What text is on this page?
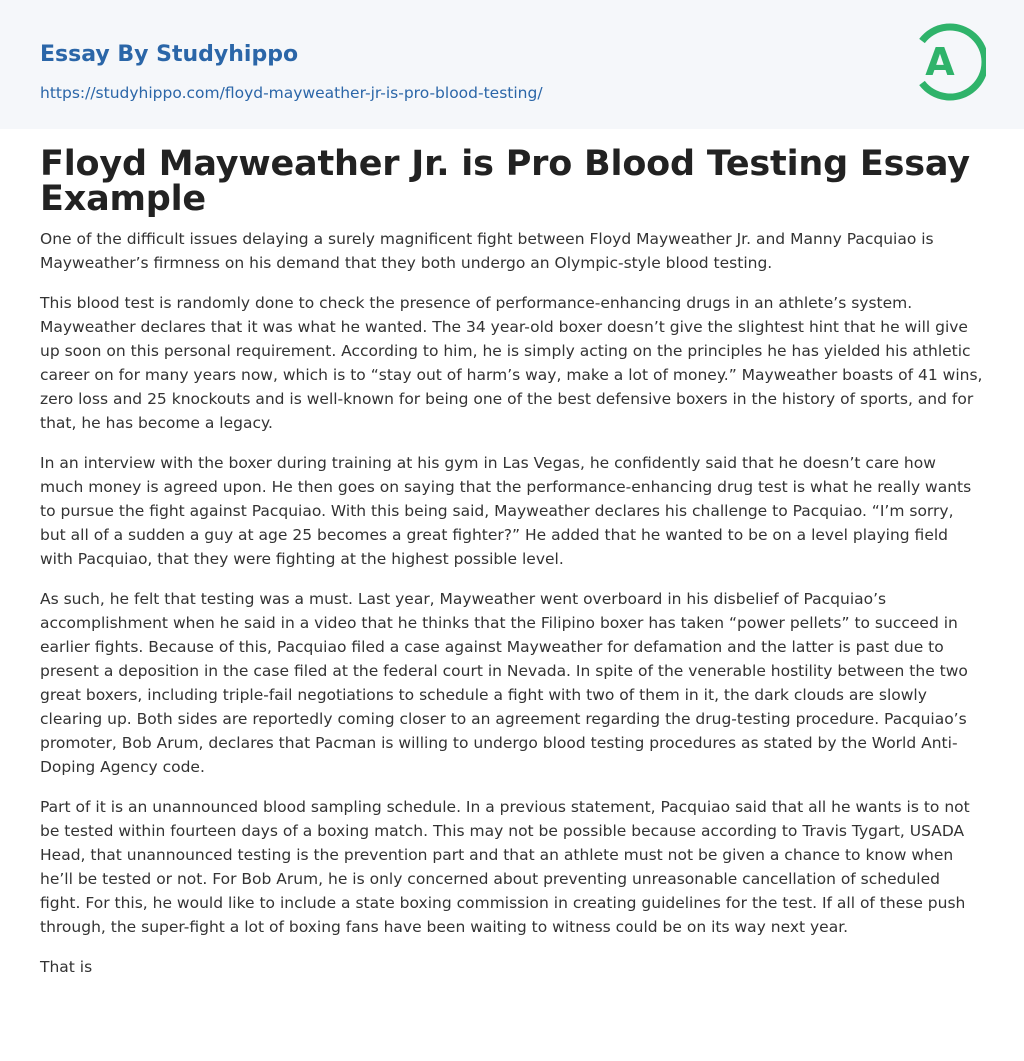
Essay By Studyhippo
https://studyhippo.com/floyd-mayweather-jr-is-pro-blood-testing/
A
Floyd Mayweather Jr. is Pro Blood Testing Essay Example

One of the difficult issues delaying a surely magnificent fight between Floyd Mayweather Jr. and Manny Pacquiao is Mayweather’s firmness on his demand that they both undergo an Olympic-style blood testing.

This blood test is randomly done to check the presence of performance-enhancing drugs in an athlete’s system. Mayweather declares that it was what he wanted. The 34 year-old boxer doesn’t give the slightest hint that he will give up soon on this personal requirement. According to him, he is simply acting on the principles he has yielded his athletic career on for many years now, which is to “stay out of harm’s way, make a lot of money.” Mayweather boasts of 41 wins, zero loss and 25 knockouts and is well-known for being one of the best defensive boxers in the history of sports, and for that, he has become a legacy.

In an interview with the boxer during training at his gym in Las Vegas, he confidently said that he doesn’t care how much money is agreed upon. He then goes on saying that the performance-enhancing drug test is what he really wants to pursue the fight against Pacquiao. With this being said, Mayweather declares his challenge to Pacquiao. “I’m sorry, but all of a sudden a guy at age 25 becomes a great fighter?” He added that he wanted to be on a level playing field with Pacquiao, that they were fighting at the highest possible level.

As such, he felt that testing was a must. Last year, Mayweather went overboard in his disbelief of Pacquiao’s accomplishment when he said in a video that he thinks that the Filipino boxer has taken “power pellets” to succeed in earlier fights. Because of this, Pacquiao filed a case against Mayweather for defamation and the latter is past due to present a deposition in the case filed at the federal court in Nevada. In spite of the venerable hostility between the two great boxers, including triple-fail negotiations to schedule a fight with two of them in it, the dark clouds are slowly clearing up. Both sides are reportedly coming closer to an agreement regarding the drug-testing procedure. Pacquiao’s promoter, Bob Arum, declares that Pacman is willing to undergo blood testing procedures as stated by the World Anti-Doping Agency code.

Part of it is an unannounced blood sampling schedule. In a previous statement, Pacquiao said that all he wants is to not be tested within fourteen days of a boxing match. This may not be possible because according to Travis Tygart, USADA Head, that unannounced testing is the prevention part and that an athlete must not be given a chance to know when he’ll be tested or not. For Bob Arum, he is only concerned about preventing unreasonable cancellation of scheduled fight. For this, he would like to include a state boxing commission in creating guidelines for the test. If all of these push through, the super-fight a lot of boxing fans have been waiting to witness could be on its way next year.

That is
